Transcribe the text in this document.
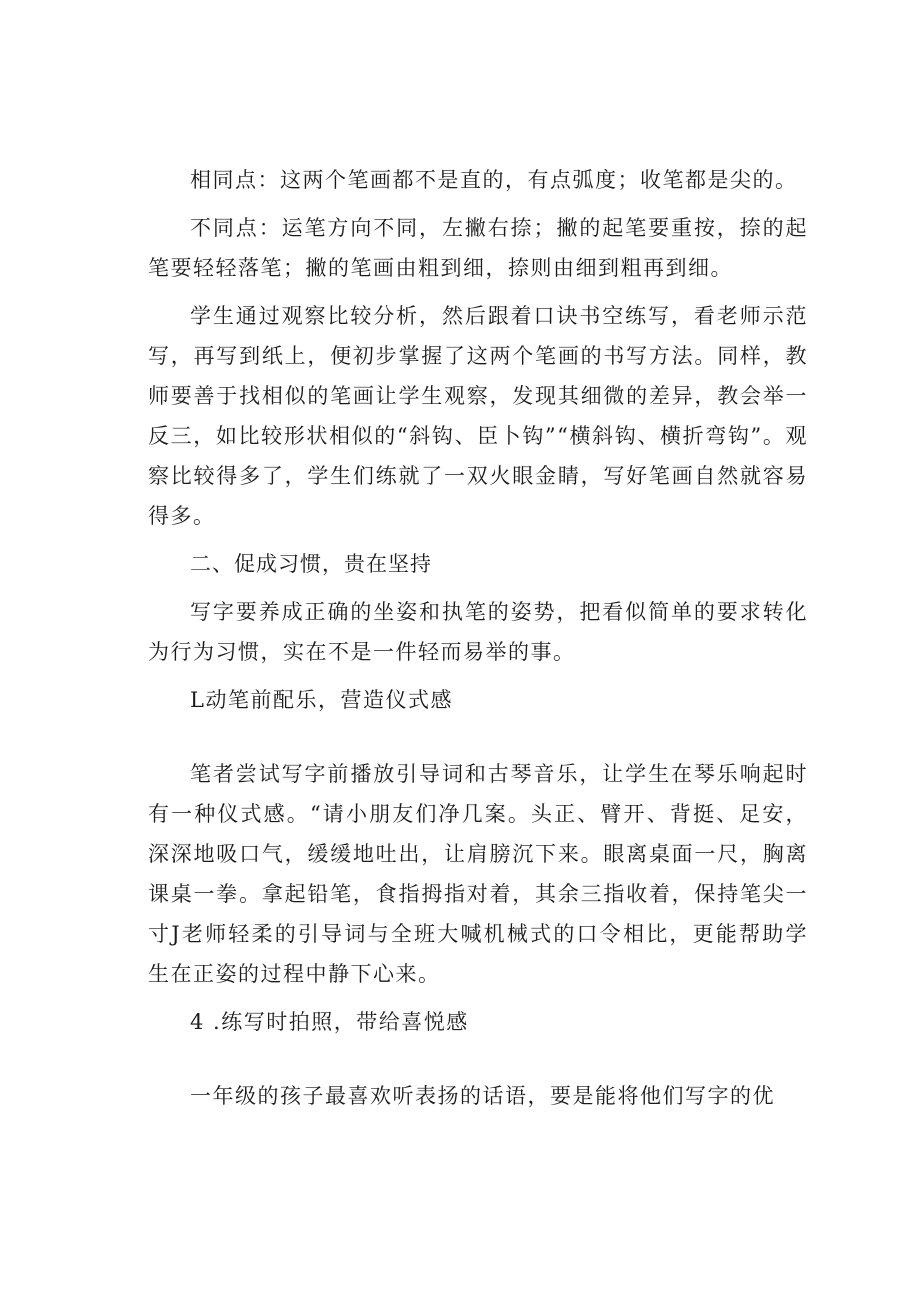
相同点：这两个笔画都不是直的，有点弧度；收笔都是尖的。

不同点：运笔方向不同，左撇右捺；撇的起笔要重按，捺的起笔要轻轻落笔；撇的笔画由粗到细，捺则由细到粗再到细。

学生通过观察比较分析，然后跟着口诀书空练写，看老师示范写，再写到纸上，便初步掌握了这两个笔画的书写方法。同样，教师要善于找相似的笔画让学生观察，发现其细微的差异，教会举一反三，如比较形状相似的“斜钩、臣卜钩”“横斜钩、横折弯钩”。观察比较得多了，学生们练就了一双火眼金睛，写好笔画自然就容易得多。

二、促成习惯，贵在坚持

写字要养成正确的坐姿和执笔的姿势，把看似简单的要求转化为行为习惯，实在不是一件轻而易举的事。

L动笔前配乐，营造仪式感

笔者尝试写字前播放引导词和古琴音乐，让学生在琴乐响起时有一种仪式感。“请小朋友们净几案。头正、臂开、背挺、足安，深深地吸口气，缓缓地吐出，让肩膀沉下来。眼离桌面一尺，胸离课桌一拳。拿起铅笔，食指拇指对着，其余三指收着，保持笔尖一寸J老师轻柔的引导词与全班大喊机械式的口令相比，更能帮助学生在正姿的过程中静下心来。

4 .练写时拍照，带给喜悦感

一年级的孩子最喜欢听表扬的话语，要是能将他们写字的优
